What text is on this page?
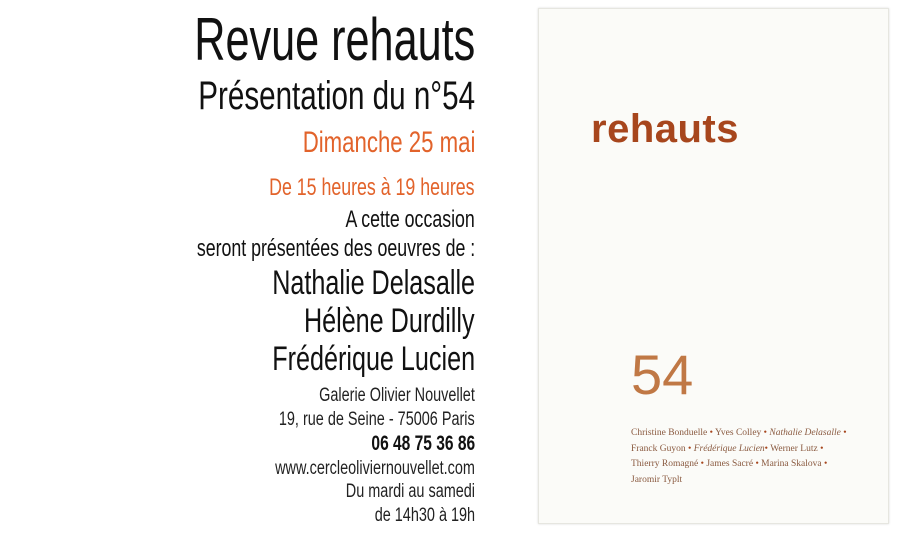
Revue rehauts
Présentation du n°54
Dimanche 25 mai
De 15 heures à 19 heures
A cette occasion
seront présentées des oeuvres de :
Nathalie Delasalle
Hélène Durdilly
Frédérique Lucien
Galerie Olivier Nouvellet
19, rue de Seine - 75006 Paris
06 48 75 36 86
www.cercleoliviernouvellet.com
Du mardi au samedi
de 14h30 à 19h
rehauts
54
Christine Bonduelle • Yves Colley • Nathalie Delasalle •
Franck Guyon • Frédérique Lucien• Werner Lutz •
Thierry Romagné • James Sacré • Marina Skalova •
Jaromir Typlt
